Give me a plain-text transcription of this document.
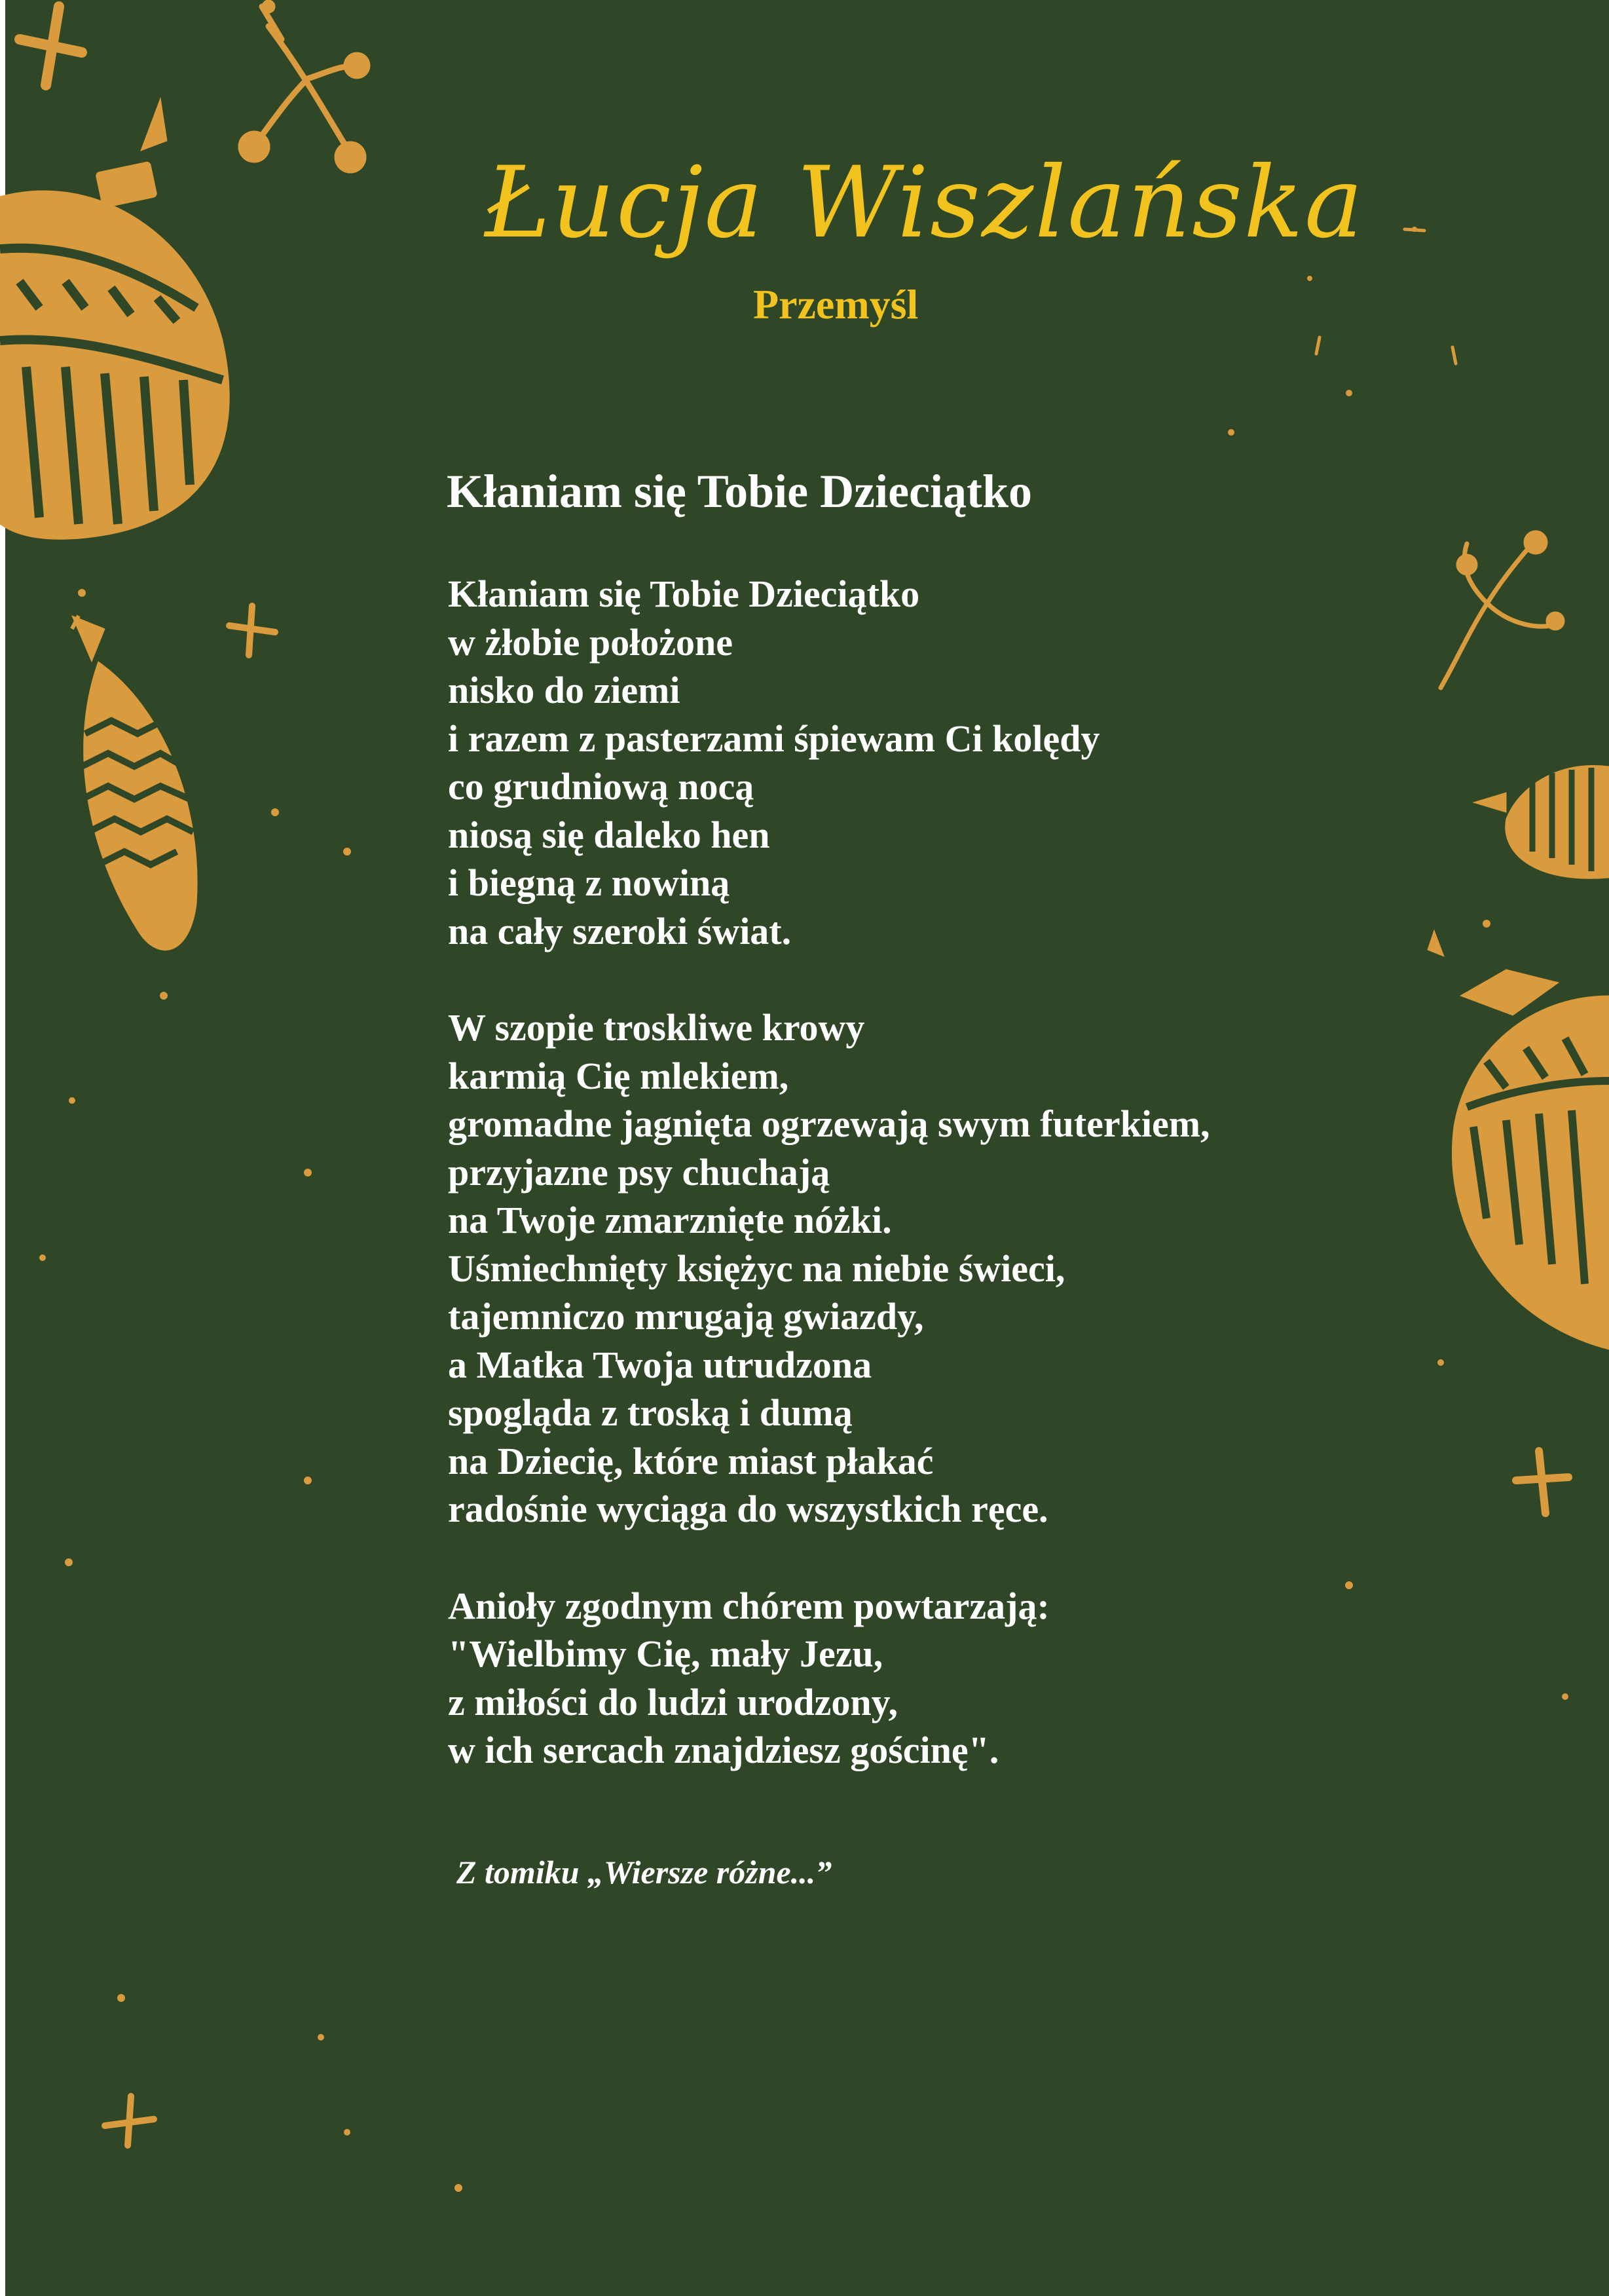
Łucja Wiszlańska
Przemyśl
Kłaniam się Tobie Dzieciątko
Kłaniam się Tobie Dzieciątko
w żłobie położone
nisko do ziemi
i razem z pasterzami śpiewam Ci kolędy
co grudniową nocą
niosą się daleko hen
i biegną z nowiną
na cały szeroki świat.
W szopie troskliwe krowy
karmią Cię mlekiem,
gromadne jagnięta ogrzewają swym futerkiem,
przyjazne psy chuchają
na Twoje zmarznięte nóżki.
Uśmiechnięty księżyc na niebie świeci,
tajemniczo mrugają gwiazdy,
a Matka Twoja utrudzona
spogląda z troską i dumą
na Dziecię, które miast płakać
radośnie wyciąga do wszystkich ręce.
Anioły zgodnym chórem powtarzają:
"Wielbimy Cię, mały Jezu,
z miłości do ludzi urodzony,
w ich sercach znajdziesz gościnę".
Z tomiku „Wiersze różne...”
